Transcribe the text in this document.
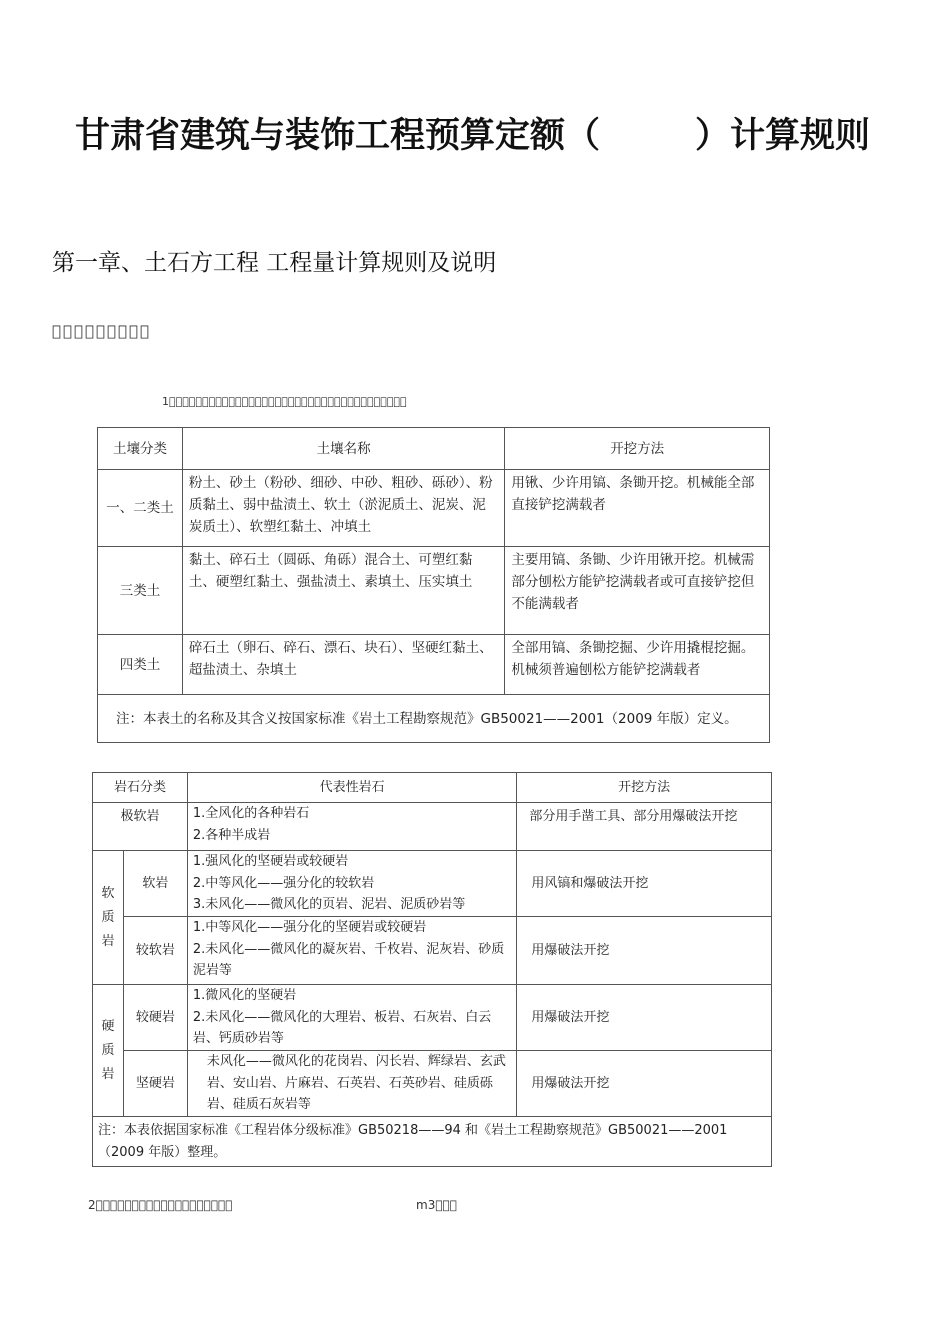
甘肃省建筑与装饰工程预算定额（	）计算规则
第一章、土石方工程 工程量计算规则及说明
􀀀􀀀􀀀􀀀􀀀􀀀􀀀􀀀􀀀
1􀀀􀀀􀀀􀀀􀀀􀀀􀀀􀀀􀀀􀀀􀀀􀀀􀀀􀀀􀀀􀀀􀀀􀀀􀀀􀀀􀀀􀀀􀀀􀀀􀀀􀀀􀀀􀀀􀀀􀀀􀀀􀀀􀀀􀀀􀀀􀀀
土壤分类	土壤名称	开挖方法
一、二类土	粉土、砂土（粉砂、细砂、中砂、粗砂、砾砂）、粉质黏土、弱中盐渍土、软土（淤泥质土、泥炭、泥炭质土）、软塑红黏土、冲填土	用锹、少许用镐、条锄开挖。机械能全部直接铲挖满载者
三类土	黏土、碎石土（圆砾、角砾）混合土、可塑红黏土、硬塑红黏土、强盐渍土、素填土、压实填土	主要用镐、条锄、少许用锹开挖。机械需部分刨松方能铲挖满载者或可直接铲挖但不能满载者
四类土	碎石土（卵石、碎石、漂石、块石）、坚硬红黏土、超盐渍土、杂填土	全部用镐、条锄挖掘、少许用撬棍挖掘。机械须普遍刨松方能铲挖满载者
注：本表土的名称及其含义按国家标准《岩土工程勘察规范》GB50021——2001（2009 年版）定义。		
岩石分类		代表性岩石	开挖方法
极软岩		1.全风化的各种岩石
2.各种半成岩	部分用手凿工具、部分用爆破法开挖
软质岩	软岩	1.强风化的坚硬岩或较硬岩
2.中等风化——强分化的较软岩
3.未风化——微风化的页岩、泥岩、泥质砂岩等	用风镐和爆破法开挖
	较软岩	1.中等风化——强分化的坚硬岩或较硬岩
2.未风化——微风化的凝灰岩、千枚岩、泥灰岩、砂质泥岩等	用爆破法开挖
硬质岩	较硬岩	1.微风化的坚硬岩
2.未风化——微风化的大理岩、板岩、石灰岩、白云岩、钙质砂岩等	用爆破法开挖
	坚硬岩	未风化——微风化的花岗岩、闪长岩、辉绿岩、玄武岩、安山岩、片麻岩、石英岩、石英砂岩、硅质砾岩、硅质石灰岩等	用爆破法开挖
注：本表依据国家标准《工程岩体分级标准》GB50218——94 和《岩土工程勘察规范》GB50021——2001（2009 年版）整理。			
2􀀀􀀀􀀀􀀀􀀀􀀀􀀀􀀀􀀀􀀀􀀀􀀀􀀀􀀀􀀀􀀀􀀀􀀀􀀀	m3􀀀􀀀􀀀
